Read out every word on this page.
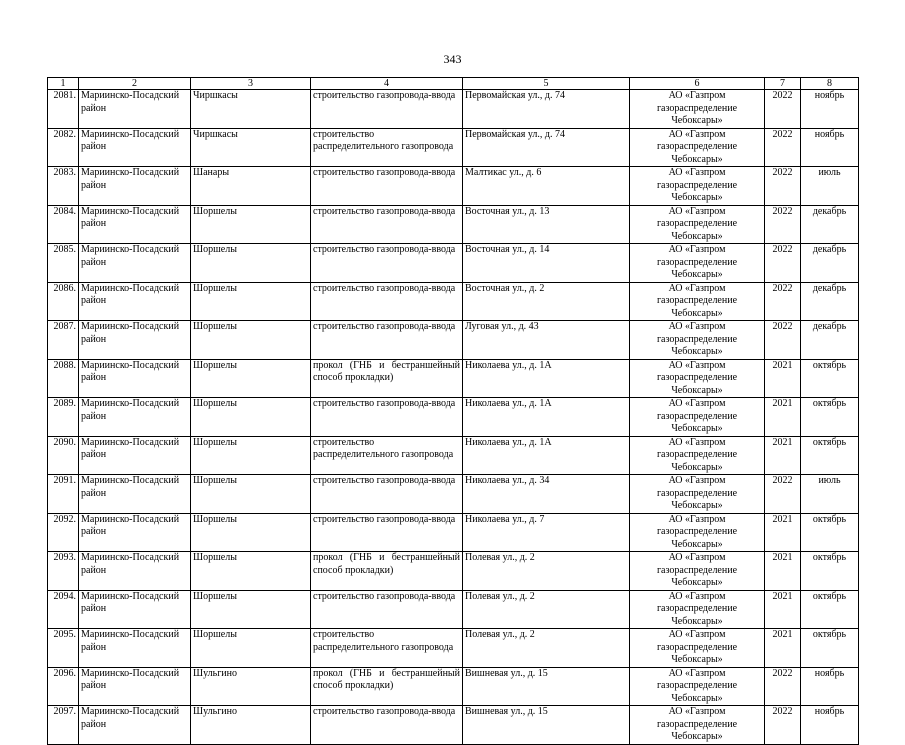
343
1	2	3	4	5	6	7	8
2081.	Мариинско-Посадский район	Чиршкасы	строительство газопровода-ввода	Первомайская ул., д. 74	АО «Газпром газораспределение Чебоксары»	2022	ноябрь
2082.	Мариинско-Посадский район	Чиршкасы	строительство распределительного газопровода	Первомайская ул., д. 74	АО «Газпром газораспределение Чебоксары»	2022	ноябрь
2083.	Мариинско-Посадский район	Шанары	строительство газопровода-ввода	Малтикас ул., д. 6	АО «Газпром газораспределение Чебоксары»	2022	июль
2084.	Мариинско-Посадский район	Шоршелы	строительство газопровода-ввода	Восточная ул., д. 13	АО «Газпром газораспределение Чебоксары»	2022	декабрь
2085.	Мариинско-Посадский район	Шоршелы	строительство газопровода-ввода	Восточная ул., д. 14	АО «Газпром газораспределение Чебоксары»	2022	декабрь
2086.	Мариинско-Посадский район	Шоршелы	строительство газопровода-ввода	Восточная ул., д. 2	АО «Газпром газораспределение Чебоксары»	2022	декабрь
2087.	Мариинско-Посадский район	Шоршелы	строительство газопровода-ввода	Луговая ул., д. 43	АО «Газпром газораспределение Чебоксары»	2022	декабрь
2088.	Мариинско-Посадский район	Шоршелы	прокол (ГНБ и бестраншейный способ прокладки)	Николаева ул., д. 1А	АО «Газпром газораспределение Чебоксары»	2021	октябрь
2089.	Мариинско-Посадский район	Шоршелы	строительство газопровода-ввода	Николаева ул., д. 1А	АО «Газпром газораспределение Чебоксары»	2021	октябрь
2090.	Мариинско-Посадский район	Шоршелы	строительство распределительного газопровода	Николаева ул., д. 1А	АО «Газпром газораспределение Чебоксары»	2021	октябрь
2091.	Мариинско-Посадский район	Шоршелы	строительство газопровода-ввода	Николаева ул., д. 34	АО «Газпром газораспределение Чебоксары»	2022	июль
2092.	Мариинско-Посадский район	Шоршелы	строительство газопровода-ввода	Николаева ул., д. 7	АО «Газпром газораспределение Чебоксары»	2021	октябрь
2093.	Мариинско-Посадский район	Шоршелы	прокол (ГНБ и бестраншейный способ прокладки)	Полевая ул., д. 2	АО «Газпром газораспределение Чебоксары»	2021	октябрь
2094.	Мариинско-Посадский район	Шоршелы	строительство газопровода-ввода	Полевая ул., д. 2	АО «Газпром газораспределение Чебоксары»	2021	октябрь
2095.	Мариинско-Посадский район	Шоршелы	строительство распределительного газопровода	Полевая ул., д. 2	АО «Газпром газораспределение Чебоксары»	2021	октябрь
2096.	Мариинско-Посадский район	Шульгино	прокол (ГНБ и бестраншейный способ прокладки)	Вишневая ул., д. 15	АО «Газпром газораспределение Чебоксары»	2022	ноябрь
2097.	Мариинско-Посадский район	Шульгино	строительство газопровода-ввода	Вишневая ул., д. 15	АО «Газпром газораспределение Чебоксары»	2022	ноябрь
